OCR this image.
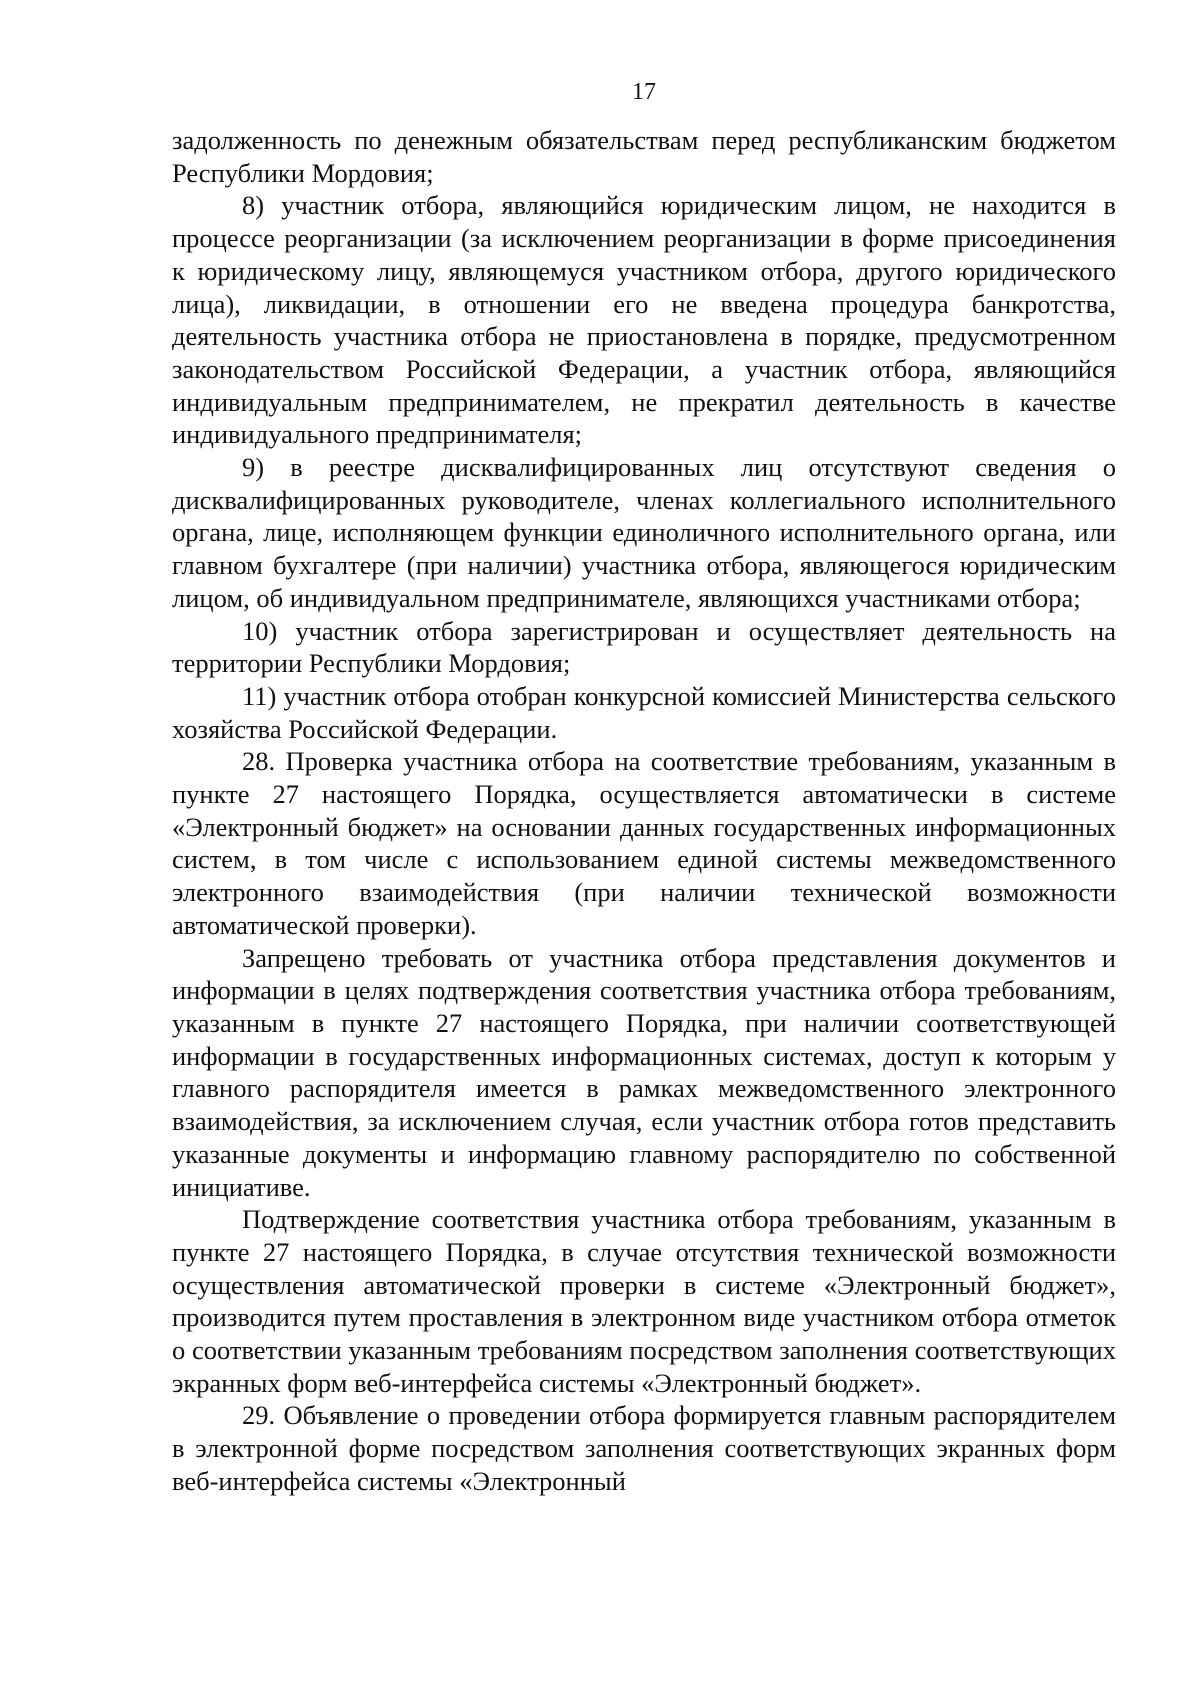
17

задолженность по денежным обязательствам перед республиканским бюджетом Республики Мордовия;

8) участник отбора, являющийся юридическим лицом, не находится в процессе реорганизации (за исключением реорганизации в форме присоединения к юридическому лицу, являющемуся участником отбора, другого юридического лица), ликвидации, в отношении его не введена процедура банкротства, деятельность участника отбора не приостановлена в порядке, предусмотренном законодательством Российской Федерации, а участник отбора, являющийся индивидуальным предпринимателем, не прекратил деятельность в качестве индивидуального предпринимателя;

9) в реестре дисквалифицированных лиц отсутствуют сведения о дисквалифицированных руководителе, членах коллегиального исполнительного органа, лице, исполняющем функции единоличного исполнительного органа, или главном бухгалтере (при наличии) участника отбора, являющегося юридическим лицом, об индивидуальном предпринимателе, являющихся участниками отбора;

10) участник отбора зарегистрирован и осуществляет деятельность на территории Республики Мордовия;

11) участник отбора отобран конкурсной комиссией Министерства сельского хозяйства Российской Федерации.

28. Проверка участника отбора на соответствие требованиям, указанным в пункте 27 настоящего Порядка, осуществляется автоматически в системе «Электронный бюджет» на основании данных государственных информационных систем, в том числе с использованием единой системы межведомственного электронного взаимодействия (при наличии технической возможности автоматической проверки).

Запрещено требовать от участника отбора представления документов и информации в целях подтверждения соответствия участника отбора требованиям, указанным в пункте 27 настоящего Порядка, при наличии соответствующей информации в государственных информационных системах, доступ к которым у главного распорядителя имеется в рамках межведомственного электронного взаимодействия, за исключением случая, если участник отбора готов представить указанные документы и информацию главному распорядителю по собственной инициативе.

Подтверждение соответствия участника отбора требованиям, указанным в пункте 27 настоящего Порядка, в случае отсутствия технической возможности осуществления автоматической проверки в системе «Электронный бюджет», производится путем проставления в электронном виде участником отбора отметок о соответствии указанным требованиям посредством заполнения соответствующих экранных форм веб-интерфейса системы «Электронный бюджет».

29. Объявление о проведении отбора формируется главным распорядителем в электронной форме посредством заполнения соответствующих экранных форм веб-интерфейса системы «Электронный
